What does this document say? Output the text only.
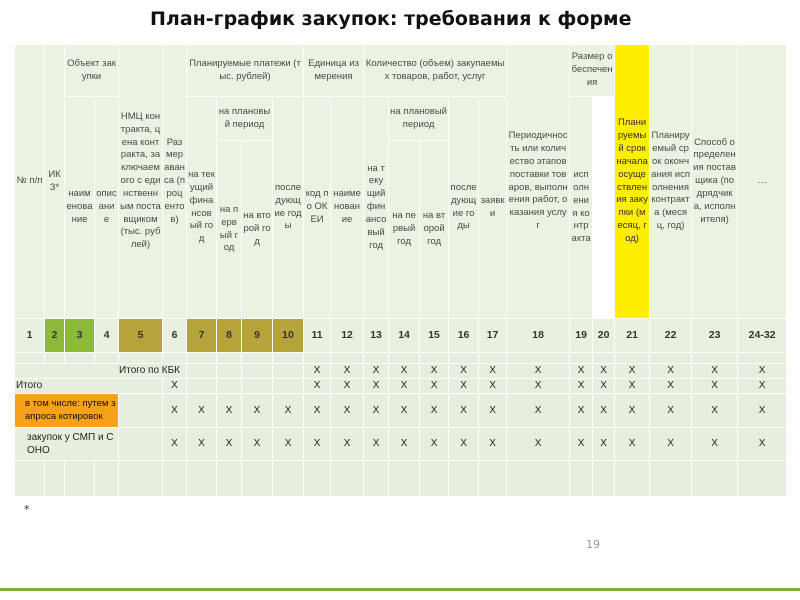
План-график закупок: требования к форме
№ п/п	ИКЗ*	Объект закупки		НМЦ контракта, цена контракта, заключаемого с единственным поставщиком (тыс. рублей)	Размер аванса (процентов)	Планируемые платежи (тыс. рублей)				Единица измерения		Количество (объем) закупаемых товаров, работ, услуг					Периодичность или количество этапов поставки товаров, выполнения работ, оказания услуг	Размер обеспечения		Планируемый срок начала осуществления закупки (месяц, год)	Планируемый срок окончания исполнения контракта (месяц, год)	Способ определения поставщика (подрядчика, исполнителя)	…	

		наименование	описание			на текущий финансовый год	на плановый период		последующие годы	код по ОКЕИ	наименование	на текущий финансовый год	на плановый период		последующие годы	заявки		исполнения контракта						
							на первый год	на второй год					на первый год	на второй год										
1	2	3	4	5	6	7	8	9	10	11	12	13	14	15	16	17	18	19	20	21	22	23	24-32	

Итого по КБК										Х	Х	Х	Х	Х	Х	Х	Х	Х	Х	Х	Х	Х	Х	
Итого					Х					Х	Х	Х	Х	Х	Х	Х	Х	Х	Х	Х	Х	Х	Х	
в том числе: путем запроса котировок					Х	Х	Х	Х	Х	Х	Х	Х	Х	Х	Х	Х	Х	Х	Х	Х	Х	Х	Х	
закупок у СМП и СОНО					Х	Х	Х	Х	Х	Х	Х	Х	Х	Х	Х	Х	Х	Х	Х	Х	Х	Х	Х	

*
19
